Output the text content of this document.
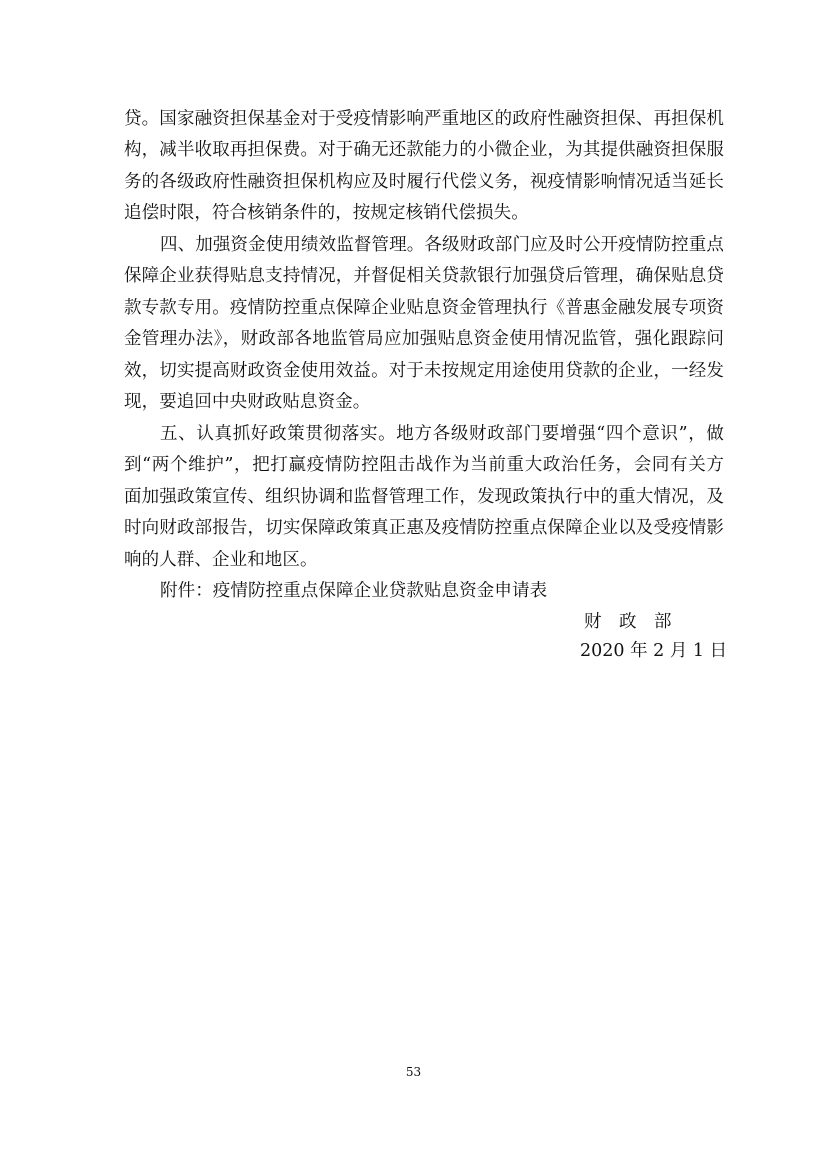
贷。国家融资担保基金对于受疫情影响严重地区的政府性融资担保、再担保机
构，减半收取再担保费。对于确无还款能力的小微企业，为其提供融资担保服
务的各级政府性融资担保机构应及时履行代偿义务，视疫情影响情况适当延长
追偿时限，符合核销条件的，按规定核销代偿损失。
四、加强资金使用绩效监督管理。各级财政部门应及时公开疫情防控重点
保障企业获得贴息支持情况，并督促相关贷款银行加强贷后管理，确保贴息贷
款专款专用。疫情防控重点保障企业贴息资金管理执行《普惠金融发展专项资
金管理办法》，财政部各地监管局应加强贴息资金使用情况监管，强化跟踪问
效，切实提高财政资金使用效益。对于未按规定用途使用贷款的企业，一经发
现，要追回中央财政贴息资金。
五、认真抓好政策贯彻落实。地方各级财政部门要增强“四个意识”，做
到“两个维护”，把打赢疫情防控阻击战作为当前重大政治任务，会同有关方
面加强政策宣传、组织协调和监督管理工作，发现政策执行中的重大情况，及
时向财政部报告，切实保障政策真正惠及疫情防控重点保障企业以及受疫情影
响的人群、企业和地区。
附件：疫情防控重点保障企业贷款贴息资金申请表
财　政　部
2020 年 2 月 1 日
53
